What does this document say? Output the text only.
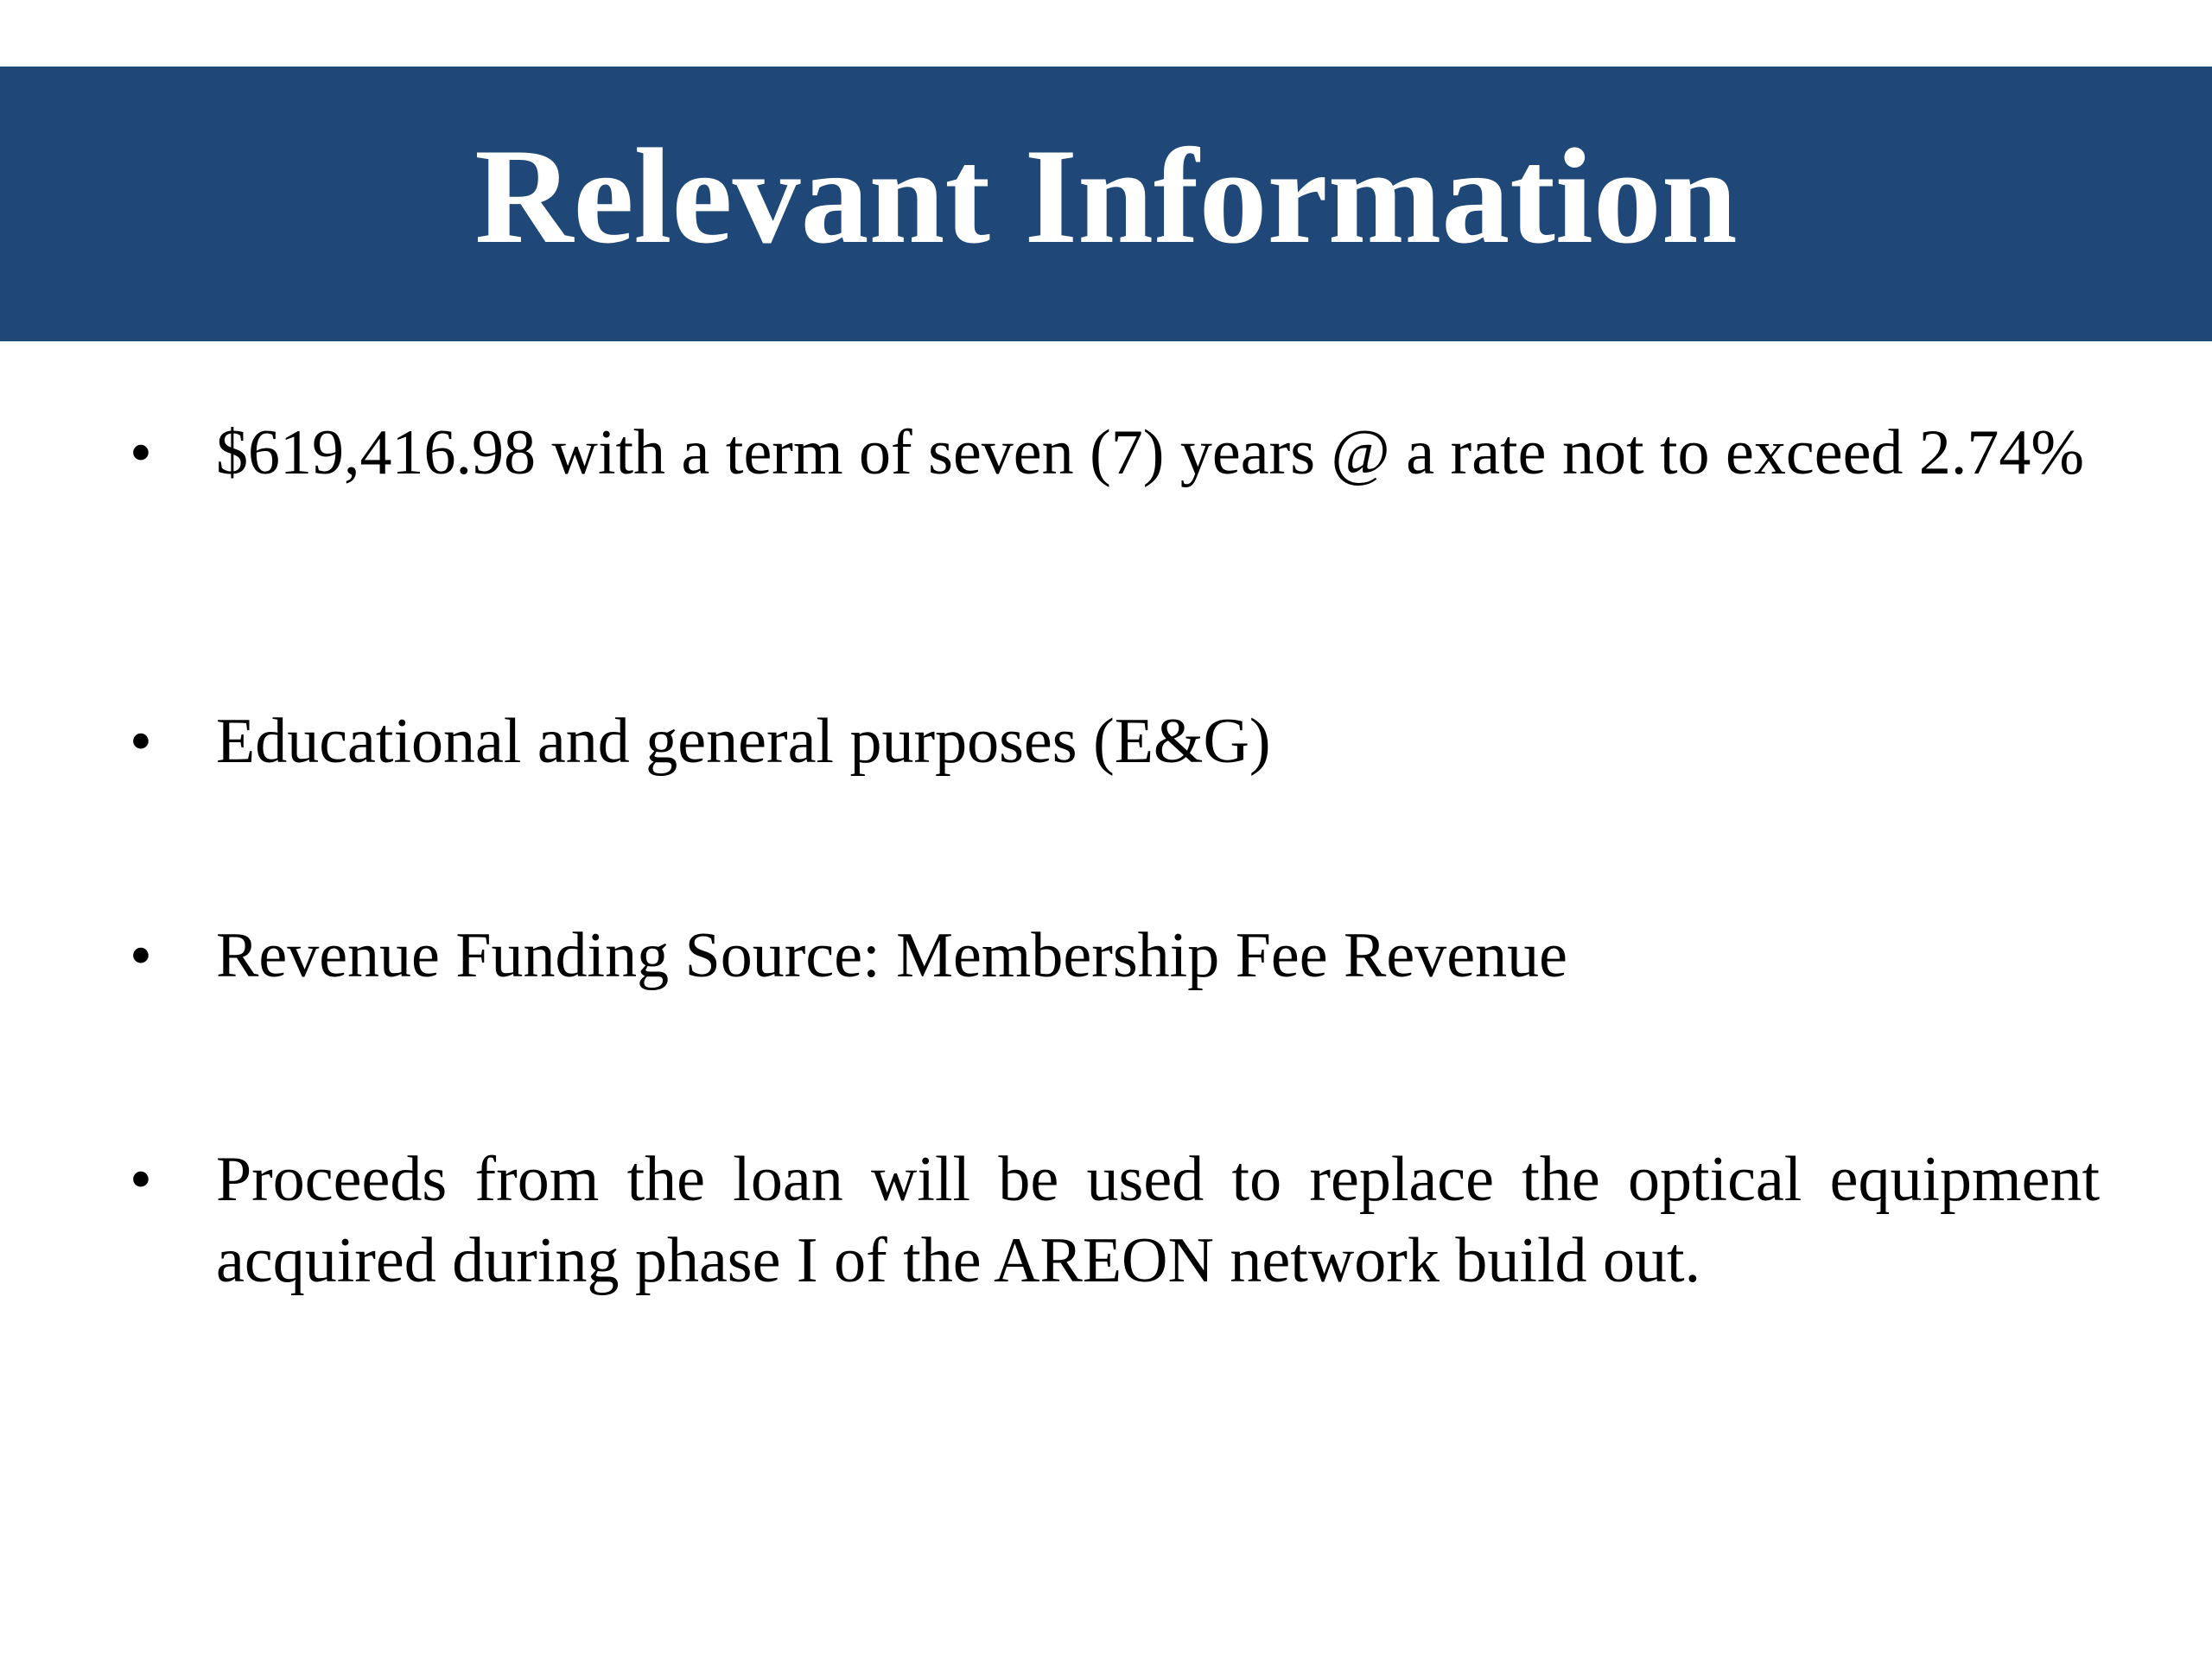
Relevant Information
• $619,416.98 with a term of seven (7) years @ a rate not to exceed 2.74%
• Educational and general purposes (E&G)
• Revenue Funding Source: Membership Fee Revenue
• Proceeds from the loan will be used to replace the optical equipment acquired during phase I of the AREON network build out.
